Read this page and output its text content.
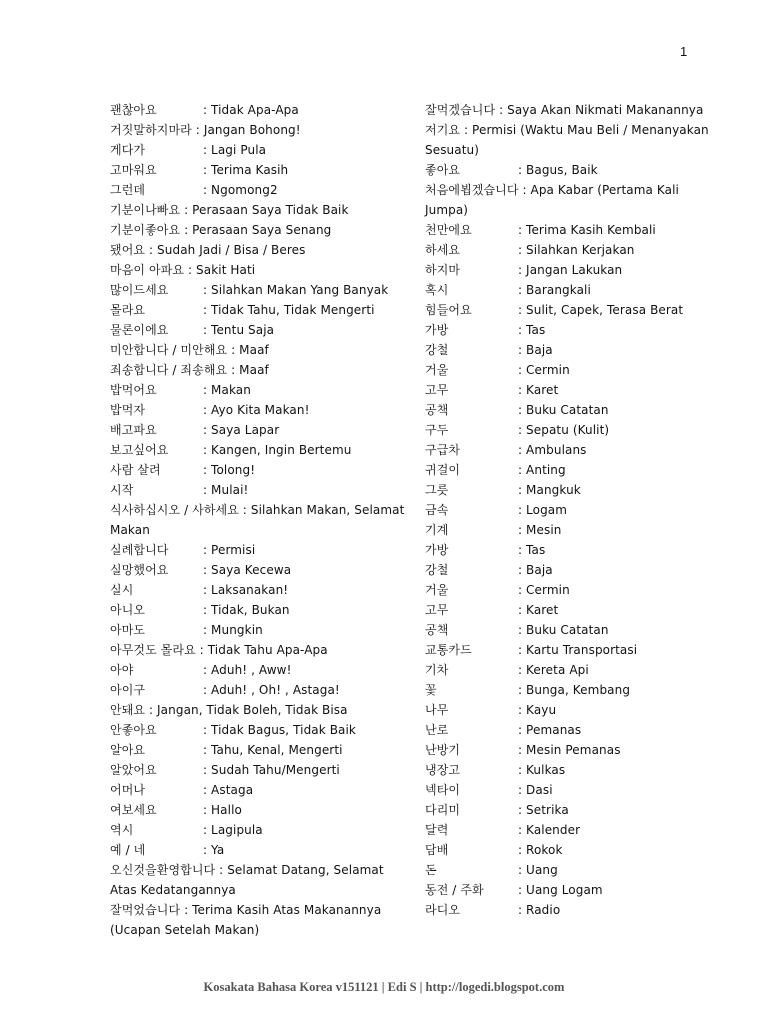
1
괜찮아요	: Tidak Apa-Apa
거짓말하지마라 : Jangan Bohong!
게다가	: Lagi Pula
고마워요	: Terima Kasih
그런데	: Ngomong2
기분이나빠요 : Perasaan Saya Tidak Baik
기분이좋아요 : Perasaan Saya Senang
됐어요 : Sudah Jadi / Bisa / Beres
마음이 아파요 : Sakit Hati
많이드세요	: Silahkan Makan Yang Banyak
몰라요	: Tidak Tahu, Tidak Mengerti
물론이에요	: Tentu Saja
미안합니다 / 미안해요 : Maaf
죄송합니다 / 죄송해요 : Maaf
밥먹어요	: Makan
밥먹자	: Ayo Kita Makan!
배고파요	: Saya Lapar
보고싶어요	: Kangen, Ingin Bertemu
사람 살려	: Tolong!
시작	: Mulai!
식사하십시오 / 사하세요 : Silahkan Makan, Selamat Makan
실례합니다	: Permisi
실망했어요	: Saya Kecewa
실시	: Laksanakan!
아니오	: Tidak, Bukan
아마도	: Mungkin
아무것도 몰라요 : Tidak Tahu Apa-Apa
아야	: Aduh! , Aww!
아이구	: Aduh! , Oh! , Astaga!
안돼요 : Jangan, Tidak Boleh, Tidak Bisa
안좋아요	: Tidak Bagus, Tidak Baik
알아요	: Tahu, Kenal, Mengerti
알았어요	: Sudah Tahu/Mengerti
어머나	: Astaga
여보세요	: Hallo
역시	: Lagipula
예 / 네	: Ya
오신것을환영합니다 : Selamat Datang, Selamat Atas Kedatangannya
잘먹었습니다 : Terima Kasih Atas Makanannya (Ucapan Setelah Makan)
잘먹겠습니다 : Saya Akan Nikmati Makanannya
저기요 : Permisi (Waktu Mau Beli / Menanyakan Sesuatu)
좋아요	: Bagus, Baik
처음에뵙겠습니다 : Apa Kabar (Pertama Kali Jumpa)
천만에요	: Terima Kasih Kembali
하세요	: Silahkan Kerjakan
하지마	: Jangan Lakukan
혹시	: Barangkali
힘들어요	: Sulit, Capek, Terasa Berat
가방	: Tas
강철	: Baja
거울	: Cermin
고무	: Karet
공책	: Buku Catatan
구두	: Sepatu (Kulit)
구급차	: Ambulans
귀걸이	: Anting
그릇	: Mangkuk
금속	: Logam
기계	: Mesin
가방	: Tas
강철	: Baja
거울	: Cermin
고무	: Karet
공책	: Buku Catatan
교통카드	: Kartu Transportasi
기차	: Kereta Api
꽃	: Bunga, Kembang
나무	: Kayu
난로	: Pemanas
난방기	: Mesin Pemanas
냉장고	: Kulkas
넥타이	: Dasi
다리미	: Setrika
달력	: Kalender
담배	: Rokok
돈	: Uang
동전 / 주화	: Uang Logam
라디오	: Radio
Kosakata Bahasa Korea v151121 | Edi S | http://logedi.blogspot.com
